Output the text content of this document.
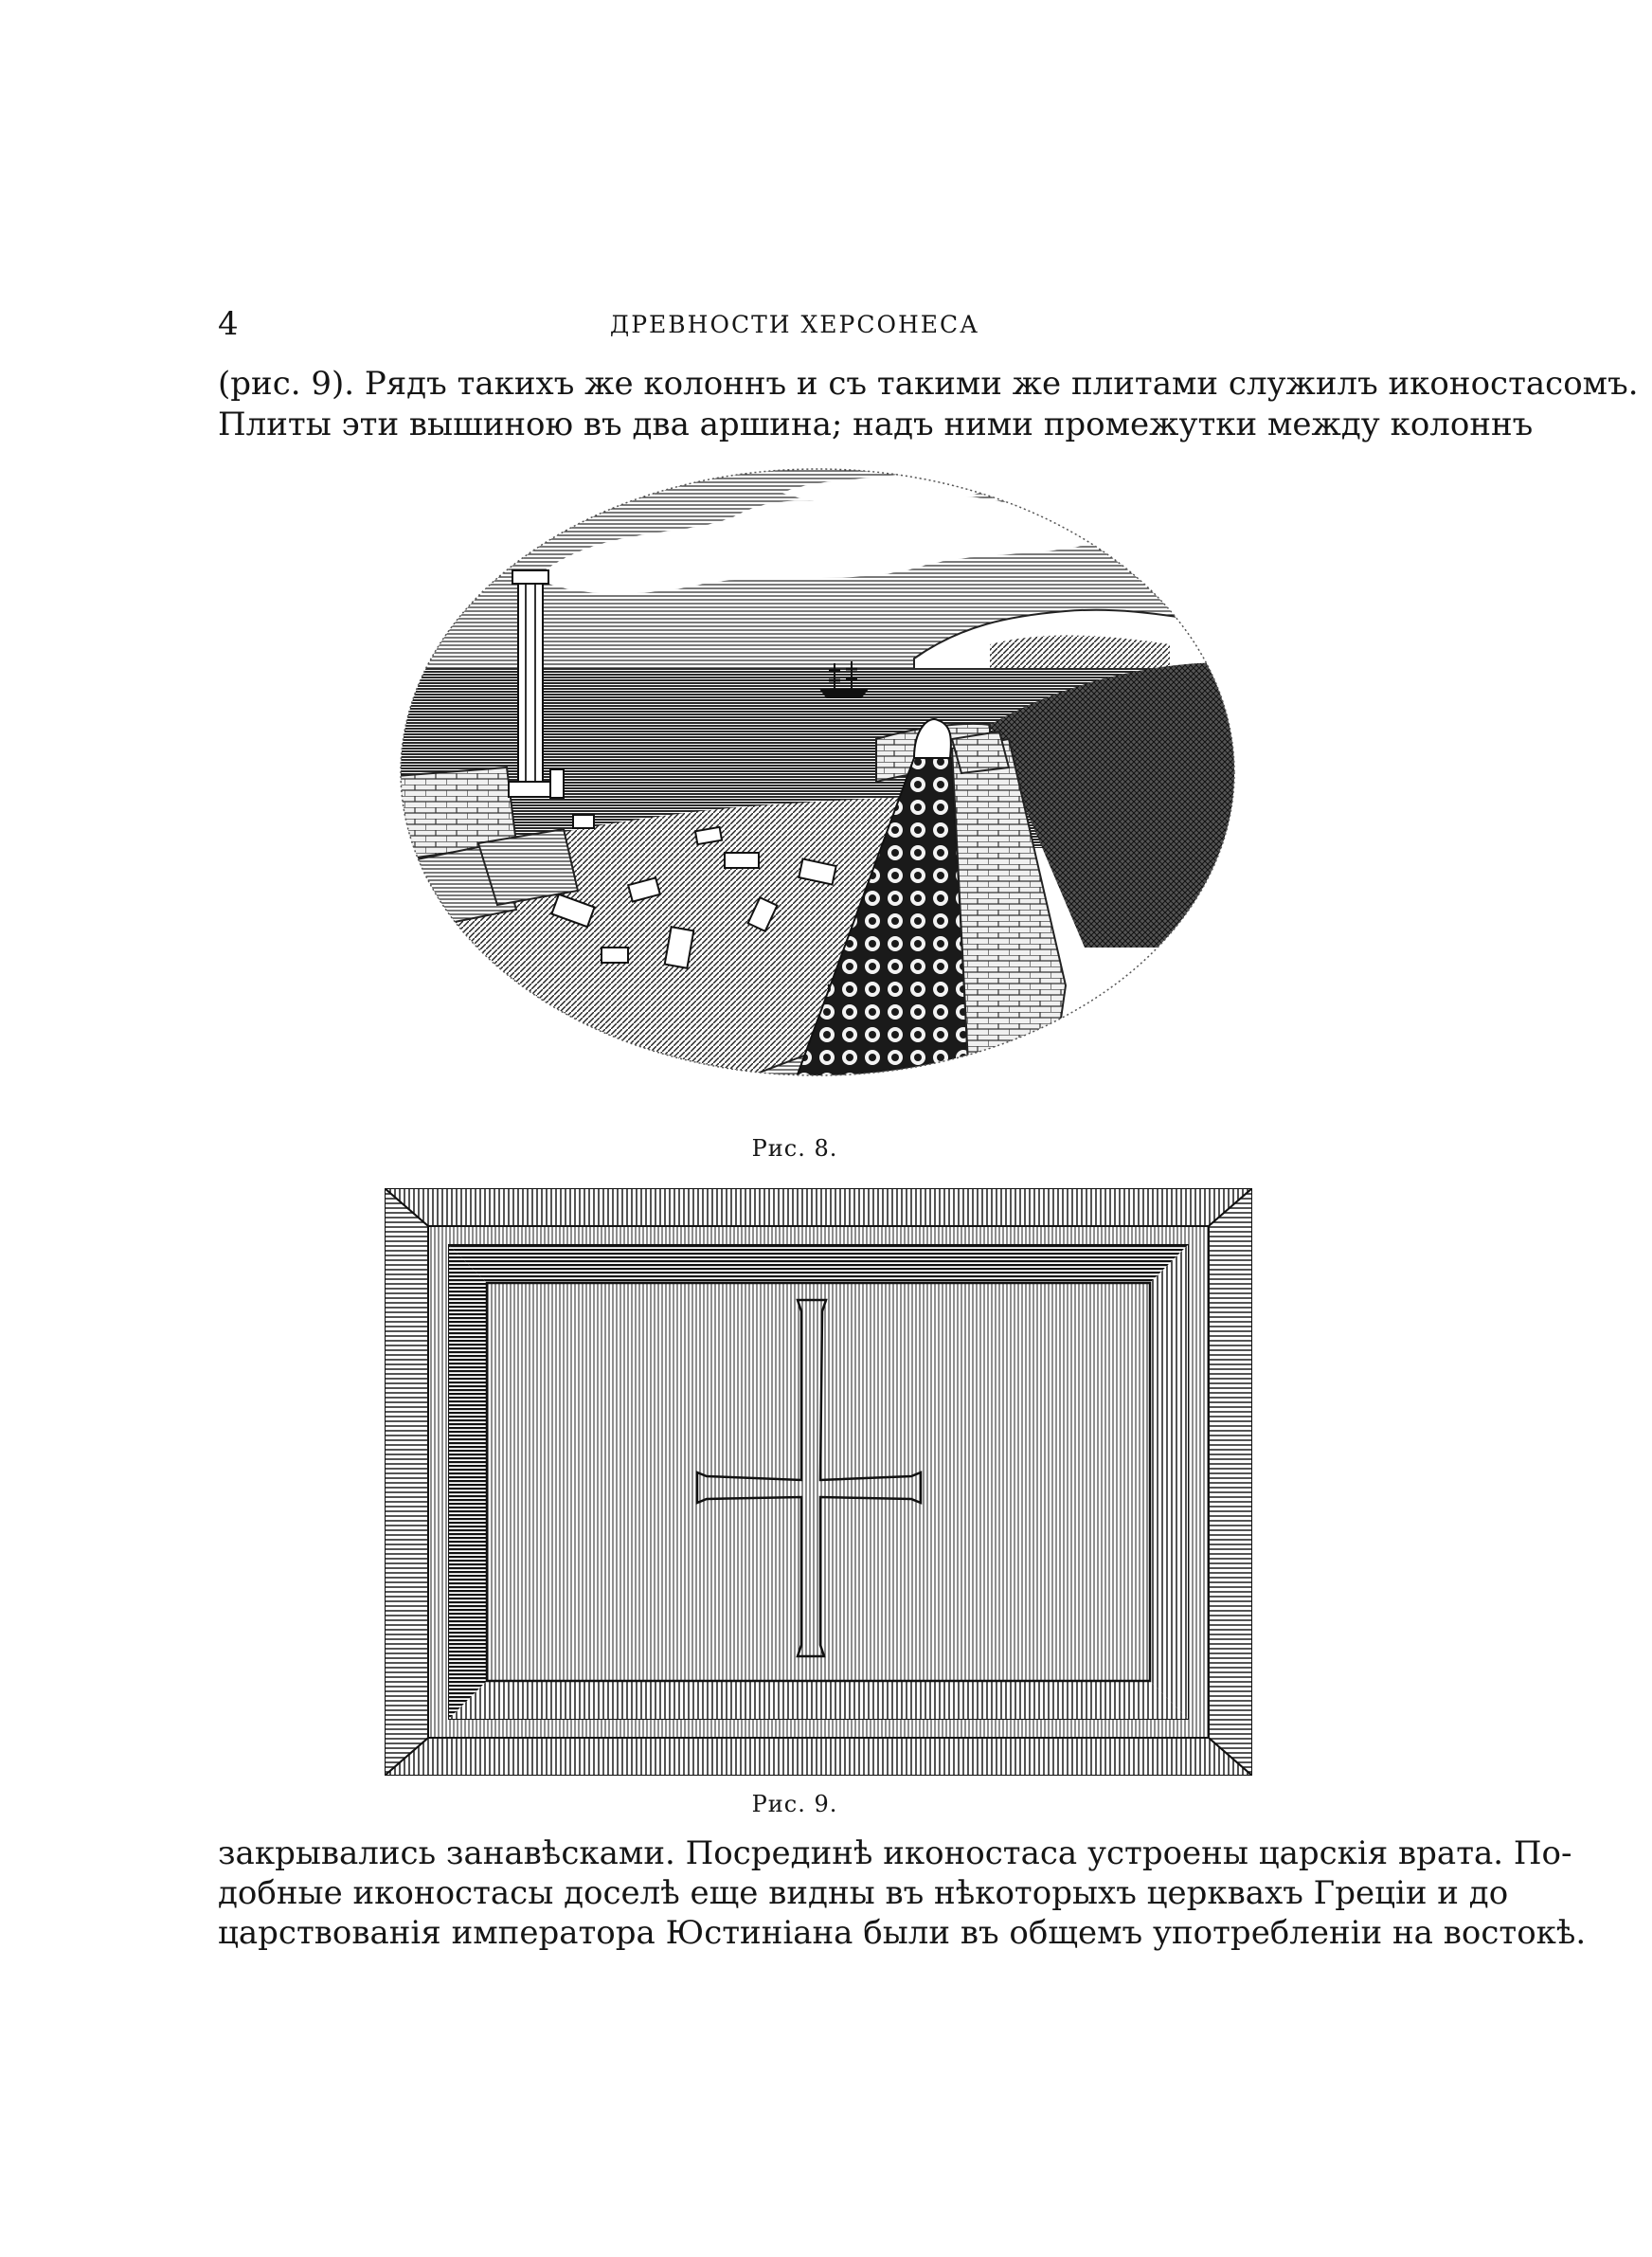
4	ДРЕВНОСТИ ХЕРСОНЕСА
(рис. 9). Рядъ такихъ же колоннъ и съ такими же плитами служилъ иконостасомъ.
Плиты эти вышиною въ два аршина; надъ ними промежутки между колоннъ
Рис. 8.
Рис. 9.
закрывались занавѣсками. Посрединѣ иконостаса устроены царскія врата. По-
добные иконостасы доселѣ еще видны въ нѣкоторыхъ церквахъ Греціи и до
царствованія императора Юстиніана были въ общемъ употребленіи на востокѣ.
